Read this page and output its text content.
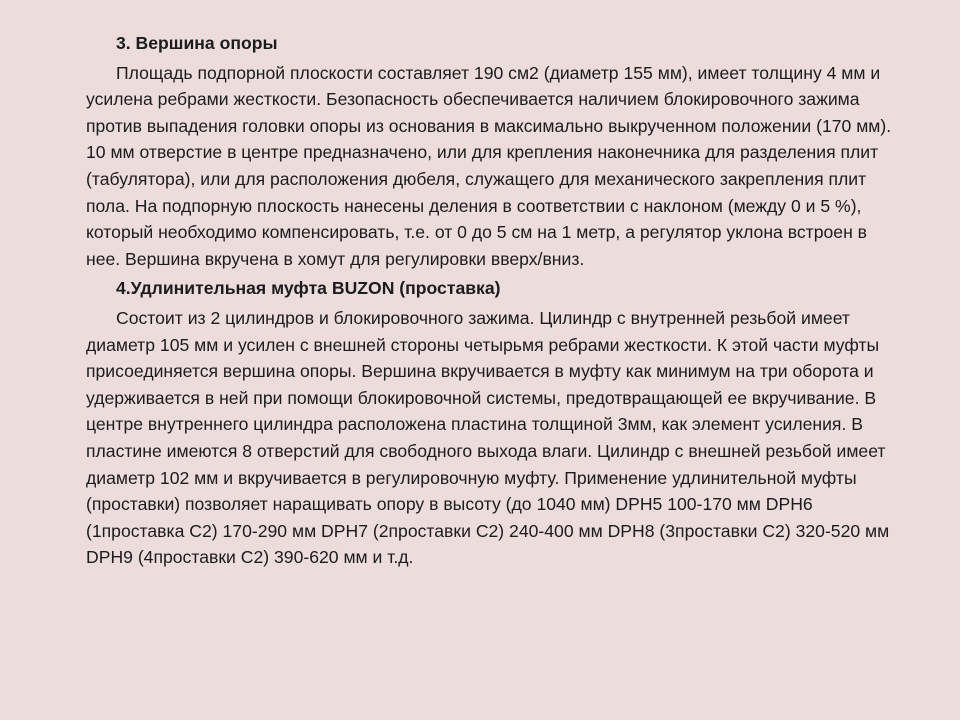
3. Вершина опоры

Площадь подпорной плоскости составляет 190 см2 (диаметр 155 мм), имеет толщину 4 мм и усилена ребрами жесткости. Безопасность обеспечивается наличием блокировочного зажима против выпадения головки опоры из основания в максимально выкрученном положении (170 мм). 10 мм отверстие в центре предназначено, или для крепления наконечника для разделения плит (табулятора), или для расположения дюбеля, служащего для механического закрепления плит пола. На подпорную плоскость нанесены деления в соответствии с наклоном (между 0 и 5 %), который необходимо компенсировать, т.е. от 0 до 5 см на 1 метр, а регулятор уклона встроен в нее. Вершина вкручена в хомут для регулировки вверх/вниз.

4.Удлинительная муфта BUZON (проставка)

Состоит из 2 цилиндров и блокировочного зажима. Цилиндр с внутренней резьбой имеет диаметр 105 мм и усилен с внешней стороны четырьмя ребрами жесткости. К этой части муфты присоединяется вершина опоры. Вершина вкручивается в муфту как минимум на три оборота и удерживается в ней при помощи блокировочной системы, предотвращающей ее вкручивание. В центре внутреннего цилиндра расположена пластина толщиной 3мм, как элемент усиления. В пластине имеются 8 отверстий для свободного выхода влаги. Цилиндр с внешней резьбой имеет диаметр 102 мм и вкручивается в регулировочную муфту. Применение удлинительной муфты (проставки) позволяет наращивать опору в высоту (до 1040 мм) DPH5 100-170 мм DPH6 (1проставка С2) 170-290 мм DPH7 (2проставки С2) 240-400 мм DPH8 (3проставки С2) 320-520 мм DPH9 (4проставки С2) 390-620 мм и т.д.
